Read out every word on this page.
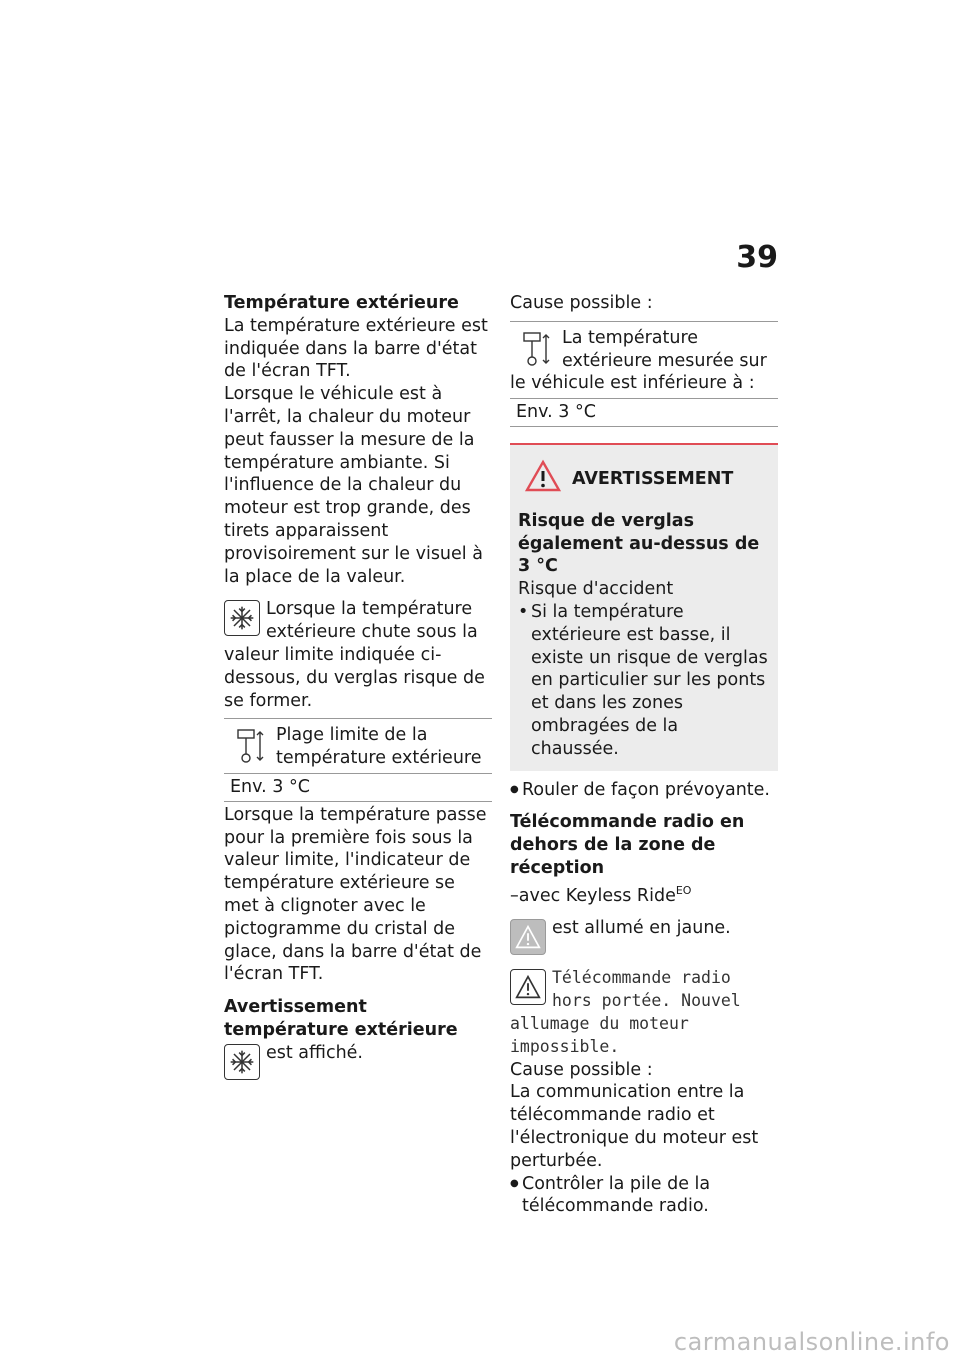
39

Température extérieure

La température extérieure est indiquée dans la barre d'état de l'écran TFT.

Lorsque le véhicule est à l'arrêt, la chaleur du moteur peut fausser la mesure de la température ambiante. Si l'influence de la chaleur du moteur est trop grande, des tirets apparaissent provisoirement sur le visuel à la place de la valeur.

Lorsque la température extérieure chute sous la valeur limite indiquée ci-dessous, du verglas risque de se former.
Plage limite de la température extérieure
Env. 3 °C

Lorsque la température passe pour la première fois sous la valeur limite, l'indicateur de température extérieure se met à clignoter avec le pictogramme du cristal de glace, dans la barre d'état de l'écran TFT.

Avertissement température extérieure

est affiché.

Cause possible :

La température extérieure mesurée sur le véhicule est inférieure à :
Env. 3 °C
AVERTISSEMENT

Risque de verglas également au-dessus de 3 °C

Risque d'accident

• Si la température extérieure est basse, il existe un risque de verglas en particulier sur les ponts et dans les zones ombragées de la chaussée.

● Rouler de façon prévoyante.

Télécommande radio en dehors de la zone de réception

–avec Keyless Ride$^{EO}$

est allumé en jaune.
Télécommande radio hors portée. Nouvel allumage du moteur impossible.

Cause possible :

La communication entre la télécommande radio et l'électronique du moteur est perturbée.

● Contrôler la pile de la télécommande radio.

carmanualsonline.info
